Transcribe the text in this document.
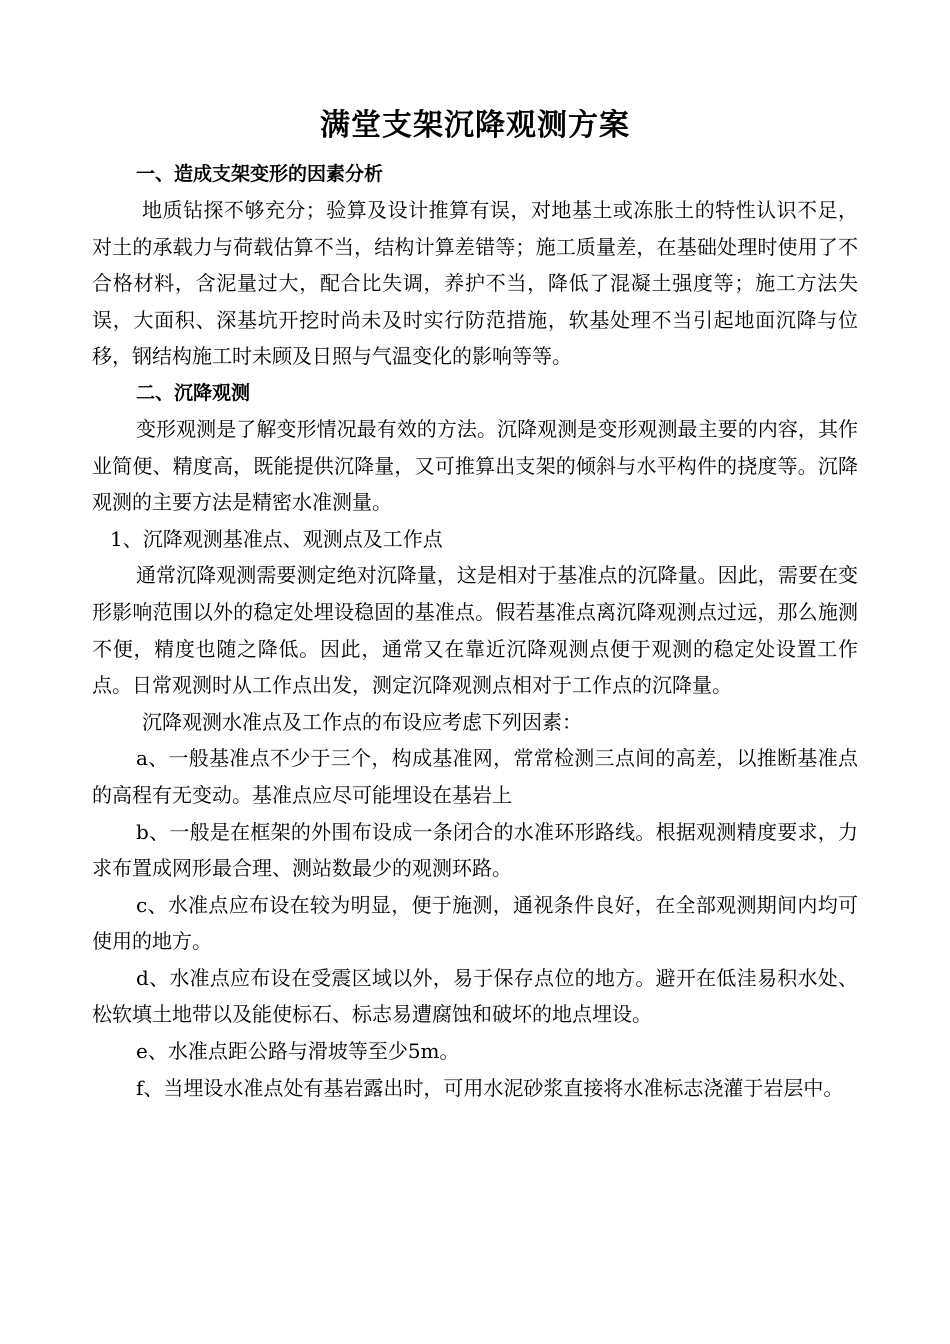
满堂支架沉降观测方案
一、造成支架变形的因素分析

地质钻探不够充分；验算及设计推算有误，对地基土或冻胀土的特性认识不足，对土的承载力与荷载估算不当，结构计算差错等；施工质量差，在基础处理时使用了不合格材料，含泥量过大，配合比失调，养护不当，降低了混凝土强度等；施工方法失误，大面积、深基坑开挖时尚未及时实行防范措施，软基处理不当引起地面沉降与位移，钢结构施工时未顾及日照与气温变化的影响等等。

二、沉降观测

变形观测是了解变形情况最有效的方法。沉降观测是变形观测最主要的内容，其作业简便、精度高，既能提供沉降量，又可推算出支架的倾斜与水平构件的挠度等。沉降观测的主要方法是精密水准测量。

1、沉降观测基准点、观测点及工作点

通常沉降观测需要测定绝对沉降量，这是相对于基准点的沉降量。因此，需要在变形影响范围以外的稳定处埋设稳固的基准点。假若基准点离沉降观测点过远，那么施测不便，精度也随之降低。因此，通常又在靠近沉降观测点便于观测的稳定处设置工作点。日常观测时从工作点出发，测定沉降观测点相对于工作点的沉降量。

沉降观测水准点及工作点的布设应考虑下列因素：

a、一般基准点不少于三个，构成基准网，常常检测三点间的高差，以推断基准点的高程有无变动。基准点应尽可能埋设在基岩上

b、一般是在框架的外围布设成一条闭合的水准环形路线。根据观测精度要求，力求布置成网形最合理、测站数最少的观测环路。

c、水准点应布设在较为明显，便于施测，通视条件良好，在全部观测期间内均可使用的地方。

d、水准点应布设在受震区域以外，易于保存点位的地方。避开在低洼易积水处、松软填土地带以及能使标石、标志易遭腐蚀和破坏的地点埋设。

e、水准点距公路与滑坡等至少5m。

f、当埋设水准点处有基岩露出时，可用水泥砂浆直接将水准标志浇灌于岩层中。
